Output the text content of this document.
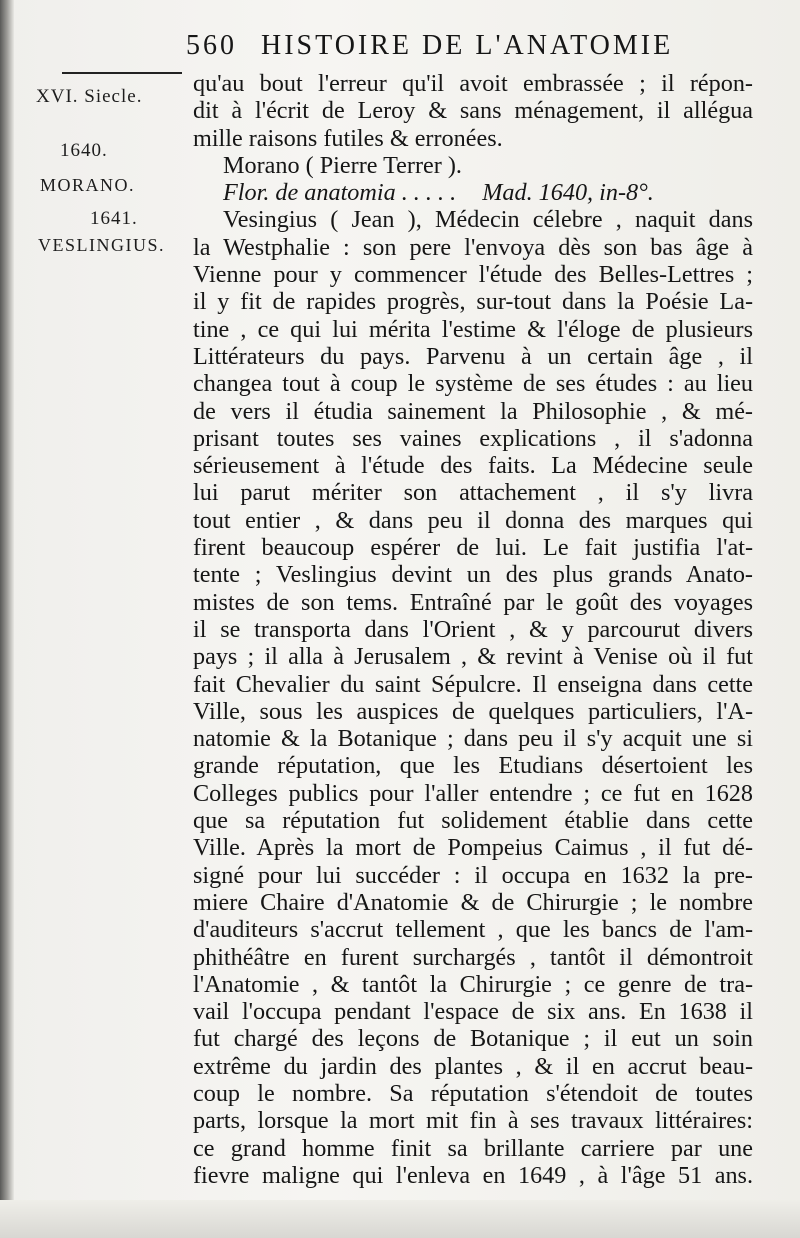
560 HISTOIRE DE L'ANATOMIE
XVI. Siecle.
1640.
MORANO.
1641.
VESLINGIUS.
qu'au bout l'erreur qu'il avoit embrassée ; il répon-
dit à l'écrit de Leroy & sans ménagement, il allégua
mille raisons futiles & erronées.
Morano ( Pierre Terrer ).
Flor. de anatomia . . . . . Mad. 1640, in-8°.
Vesingius ( Jean ), Médecin célebre , naquit dans
la Westphalie : son pere l'envoya dès son bas âge à
Vienne pour y commencer l'étude des Belles-Lettres ;
il y fit de rapides progrès, sur-tout dans la Poésie La-
tine , ce qui lui mérita l'estime & l'éloge de plusieurs
Littérateurs du pays. Parvenu à un certain âge , il
changea tout à coup le système de ses études : au lieu
de vers il étudia sainement la Philosophie , & mé-
prisant toutes ses vaines explications , il s'adonna
sérieusement à l'étude des faits. La Médecine seule
lui parut mériter son attachement , il s'y livra
tout entier , & dans peu il donna des marques qui
firent beaucoup espérer de lui. Le fait justifia l'at-
tente ; Veslingius devint un des plus grands Anato-
mistes de son tems. Entraîné par le goût des voyages
il se transporta dans l'Orient , & y parcourut divers
pays ; il alla à Jerusalem , & revint à Venise où il fut
fait Chevalier du saint Sépulcre. Il enseigna dans cette
Ville, sous les auspices de quelques particuliers, l'A-
natomie & la Botanique ; dans peu il s'y acquit une si
grande réputation, que les Etudians désertoient les
Colleges publics pour l'aller entendre ; ce fut en 1628
que sa réputation fut solidement établie dans cette
Ville. Après la mort de Pompeius Caimus , il fut dé-
signé pour lui succéder : il occupa en 1632 la pre-
miere Chaire d'Anatomie & de Chirurgie ; le nombre
d'auditeurs s'accrut tellement , que les bancs de l'am-
phithéâtre en furent surchargés , tantôt il démontroit
l'Anatomie , & tantôt la Chirurgie ; ce genre de tra-
vail l'occupa pendant l'espace de six ans. En 1638 il
fut chargé des leçons de Botanique ; il eut un soin
extrême du jardin des plantes , & il en accrut beau-
coup le nombre. Sa réputation s'étendoit de toutes
parts, lorsque la mort mit fin à ses travaux littéraires:
ce grand homme finit sa brillante carriere par une
fievre maligne qui l'enleva en 1649 , à l'âge 51 ans.
